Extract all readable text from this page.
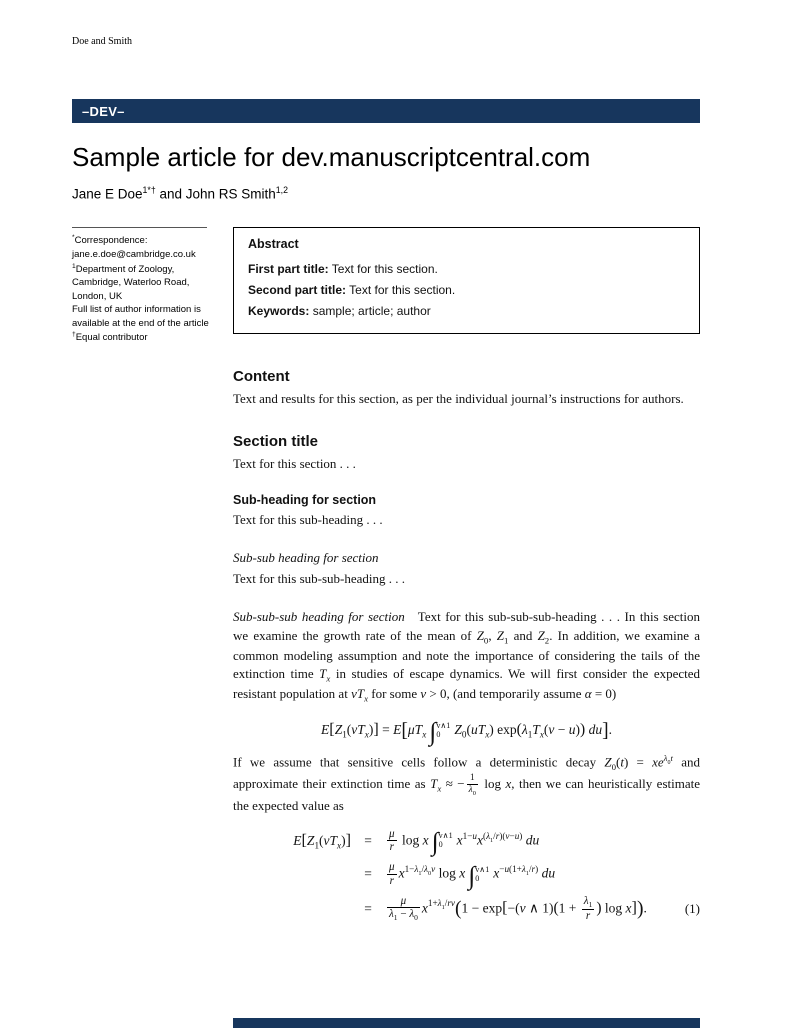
Doe and Smith
–DEV–
Sample article for dev.manuscriptcentral.com
Jane E Doe$^{1*\dagger}$ and John RS Smith$^{1,2}$
*Correspondence:
jane.e.doe@cambridge.co.uk
$^1$Department of Zoology,
Cambridge, Waterloo Road,
London, UK
Full list of author information is
available at the end of the article
†Equal contributor
Abstract
First part title: Text for this section.
Second part title: Text for this section.
Keywords: sample; article; author
Content

Text and results for this section, as per the individual journal’s instructions for authors.

Section title

Text for this section . . .

Sub-heading for section

Text for this sub-heading . . .

Sub-sub heading for section

Text for this sub-sub-heading . . .

Sub-sub-sub heading for section Text for this sub-sub-sub-heading . . . In this section we examine the growth rate of the mean of $Z_0$, $Z_1$ and $Z_2$. In addition, we examine a common modeling assumption and note the importance of considering the tails of the extinction time $T_x$ in studies of escape dynamics. We will first consider the expected resistant population at $vT_x$ for some v > 0, (and temporarily assume α = 0)

$E[Z_1(vT_x)] = E[\mu T_x$ ∫ v∧1
0	$Z_0(uT_x) \exp(\lambda_1T_x(v - u))$ du].

If we assume that sensitive cells follow a deterministic decay $Z_0(t) = xe^{\lambda_0t}$ and approximate their extinction time as $T_x$ ≈ − $\frac{1}{\lambda_0}$ log x, then we can heuristically estimate the expected value as

$E[Z_1(vT_x)]$ =	$\frac{\mu}{r}$ log x ∫ v∧1
0	$x^{1-u}x^{(\lambda_1/r)(v-u)}$ du
=	$\frac{\mu}{r} x^{1-\lambda_1/\lambda_0v}$ log x ∫ v∧1
0	$x^{-u(1+\lambda_1/r)}$ du
=	$\frac{\mu}{\lambda_1 - \lambda_0} x^{1+\lambda_1/rv}(1 - \exp[-(v$ ∧ $1)(1 + \frac{\lambda_1}{r}$ ) log x]).	(1)
